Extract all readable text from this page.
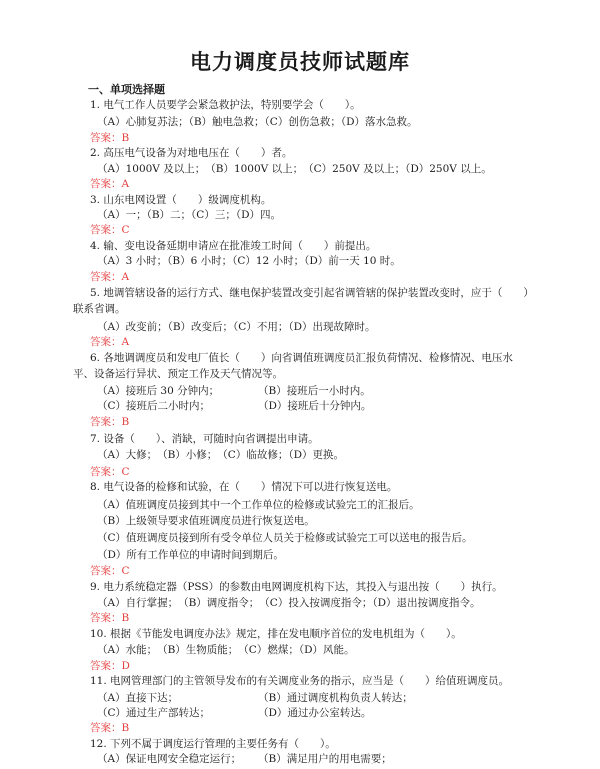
电力调度员技师试题库
一、单项选择题
1. 电气工作人员要学会紧急救护法，特别要学会（　　）。
（A）心肺复苏法；（B）触电急救；（C）创伤急救；（D）落水急救。
答案：B
2. 高压电气设备为对地电压在（　　）者。
（A）1000V 及以上；　（B）1000V 以上；　（C）250V 及以上；（D）250V 以上。
答案：A
3. 山东电网设置（　　）级调度机构。
（A）一；（B）二；（C）三；（D）四。
答案：C
4. 输、变电设备延期申请应在批准竣工时间（　　）前提出。
（A）3 小时；（B）6 小时；（C）12 小时；（D）前一天 10 时。
答案：A
5. 地调管辖设备的运行方式、继电保护装置改变引起省调管辖的保护装置改变时，应于（　　）
联系省调。
（A）改变前；（B）改变后；（C）不用；（D）出现故障时。
答案：A
6. 各地调调度员和发电厂值长（　　）向省调值班调度员汇报负荷情况、检修情况、电压水
平、设备运行异状、预定工作及天气情况等。
（A）接班后 30 分钟内；	（B）接班后一小时内。
（C）接班后二小时内；	（D）接班后十分钟内。
答案：B
7. 设备（　　）、消缺，可随时向省调提出申请。
（A）大修；　（B）小修；　（C）临故修；（D）更换。
答案：C
8. 电气设备的检修和试验，在（　　）情况下可以进行恢复送电。
（A）值班调度员接到其中一个工作单位的检修或试验完工的汇报后。
（B）上级领导要求值班调度员进行恢复送电。
（C）值班调度员接到所有受令单位人员关于检修或试验完工可以送电的报告后。
（D）所有工作单位的申请时间到期后。
答案：C
9. 电力系统稳定器（PSS）的参数由电网调度机构下达，其投入与退出按（　　）执行。
（A）自行掌握；　（B）调度指令；　（C）投入按调度指令；（D）退出按调度指令。
答案：B
10. 根据《节能发电调度办法》规定，排在发电顺序首位的发电机组为（　　）。
（A）水能；　（B）生物质能；　（C）燃煤；（D）风能。
答案：D
11. 电网管理部门的主管领导发布的有关调度业务的指示，应当是（　　）给值班调度员。
（A）直接下达；	（B）通过调度机构负责人转达；
（C）通过生产部转达；	（D）通过办公室转达。
答案：B
12. 下列不属于调度运行管理的主要任务有（　　）。
（A）保证电网安全稳定运行； （B）满足用户的用电需要；
